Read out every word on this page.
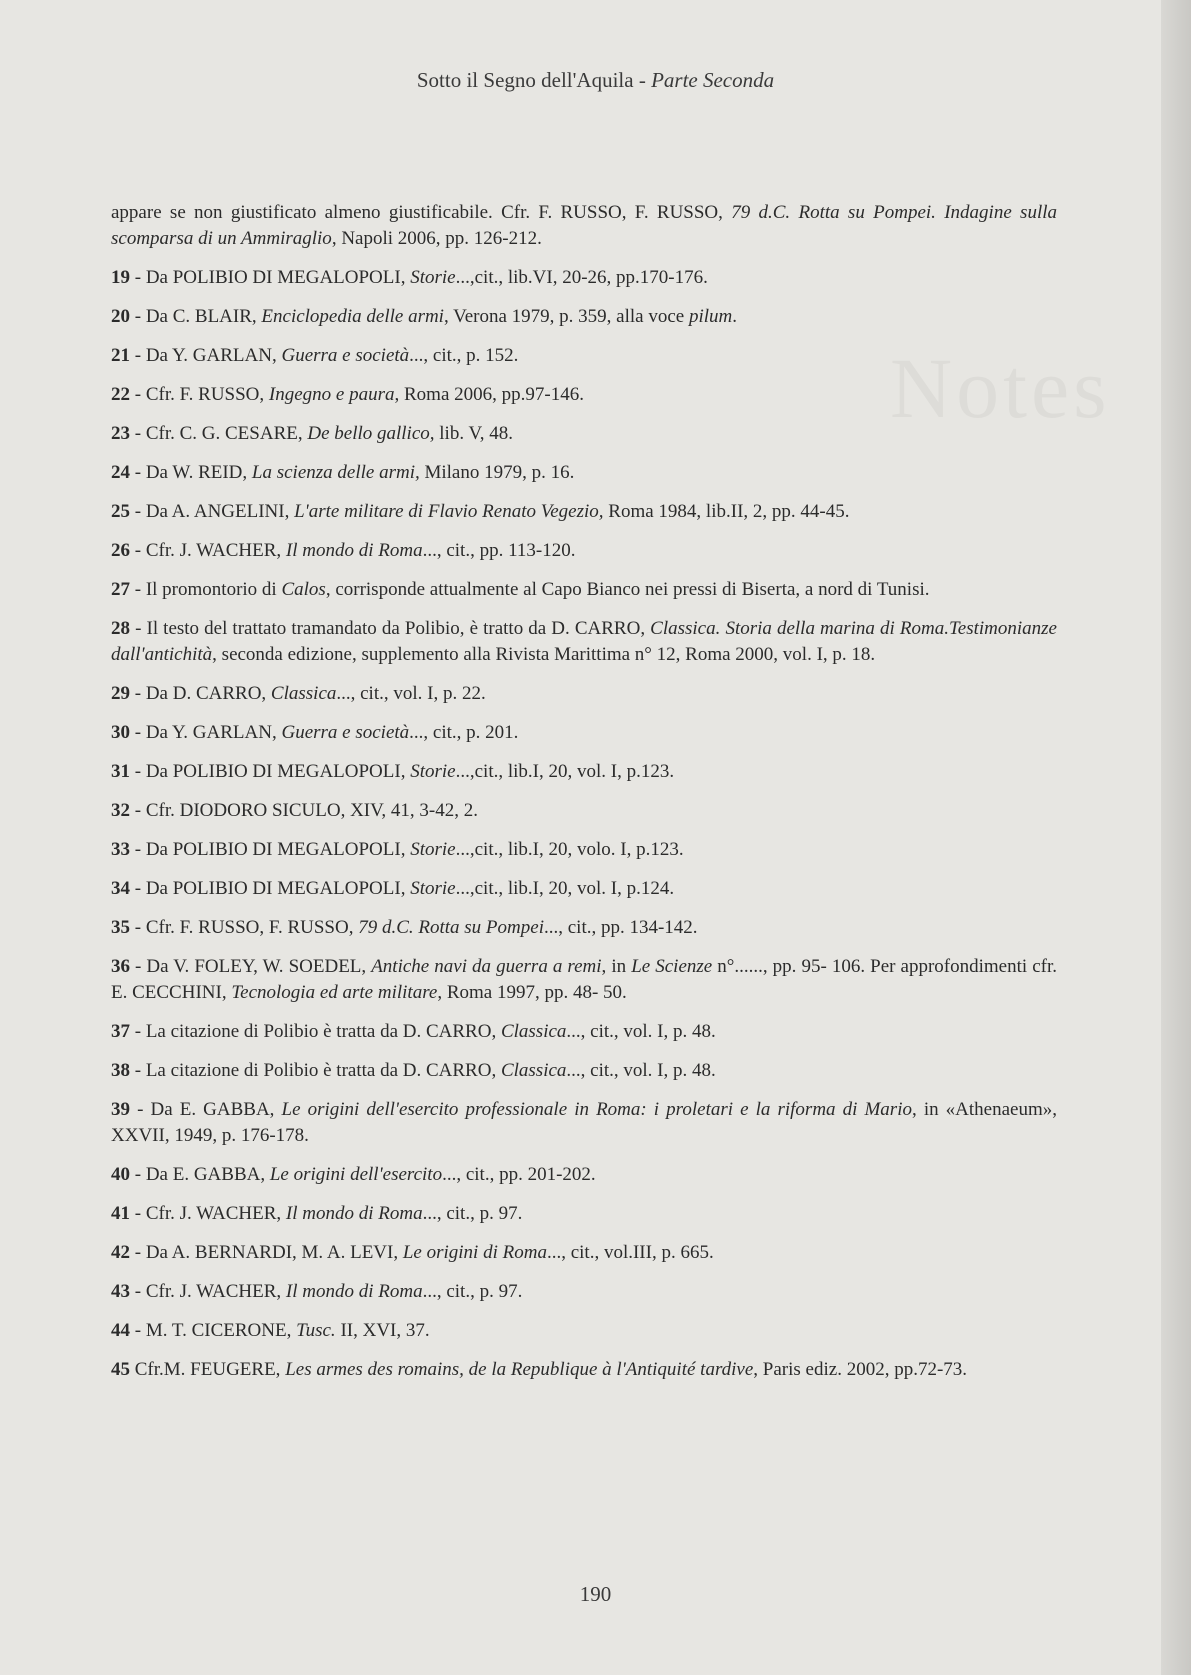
Notes
Sotto il Segno dell'Aquila - Parte Seconda

appare se non giustificato almeno giustificabile. Cfr. F. RUSSO, F. RUSSO, 79 d.C. Rotta su Pompei. Indagine sulla scomparsa di un Ammiraglio, Napoli 2006, pp. 126-212.

19 - Da POLIBIO DI MEGALOPOLI, Storie...,cit., lib.VI, 20-26, pp.170-176.

20 - Da C. BLAIR, Enciclopedia delle armi, Verona 1979, p. 359, alla voce pilum.

21 - Da Y. GARLAN, Guerra e società..., cit., p. 152.

22 - Cfr. F. RUSSO, Ingegno e paura, Roma 2006, pp.97-146.

23 - Cfr. C. G. CESARE, De bello gallico, lib. V, 48.

24 - Da W. REID, La scienza delle armi, Milano 1979, p. 16.

25 - Da A. ANGELINI, L'arte militare di Flavio Renato Vegezio, Roma 1984, lib.II, 2, pp. 44-45.

26 - Cfr. J. WACHER, Il mondo di Roma..., cit., pp. 113-120.

27 - Il promontorio di Calos, corrisponde attualmente al Capo Bianco nei pressi di Biserta, a nord di Tunisi.

28 - Il testo del trattato tramandato da Polibio, è tratto da D. CARRO, Classica. Storia della marina di Roma.Testimonianze dall'antichità, seconda edizione, supplemento alla Rivista Marittima n° 12, Roma 2000, vol. I, p. 18.

29 - Da D. CARRO, Classica..., cit., vol. I, p. 22.

30 - Da Y. GARLAN, Guerra e società..., cit., p. 201.

31 - Da POLIBIO DI MEGALOPOLI, Storie...,cit., lib.I, 20, vol. I, p.123.

32 - Cfr. DIODORO SICULO, XIV, 41, 3-42, 2.

33 - Da POLIBIO DI MEGALOPOLI, Storie...,cit., lib.I, 20, volo. I, p.123.

34 - Da POLIBIO DI MEGALOPOLI, Storie...,cit., lib.I, 20, vol. I, p.124.

35 - Cfr. F. RUSSO, F. RUSSO, 79 d.C. Rotta su Pompei..., cit., pp. 134-142.

36 - Da V. FOLEY, W. SOEDEL, Antiche navi da guerra a remi, in Le Scienze n°......, pp. 95- 106. Per approfondimenti cfr. E. CECCHINI, Tecnologia ed arte militare, Roma 1997, pp. 48- 50.

37 - La citazione di Polibio è tratta da D. CARRO, Classica..., cit., vol. I, p. 48.

38 - La citazione di Polibio è tratta da D. CARRO, Classica..., cit., vol. I, p. 48.

39 - Da E. GABBA, Le origini dell'esercito professionale in Roma: i proletari e la riforma di Mario, in «Athenaeum», XXVII, 1949, p. 176-178.

40 - Da E. GABBA, Le origini dell'esercito..., cit., pp. 201-202.

41 - Cfr. J. WACHER, Il mondo di Roma..., cit., p. 97.

42 - Da A. BERNARDI, M. A. LEVI, Le origini di Roma..., cit., vol.III, p. 665.

43 - Cfr. J. WACHER, Il mondo di Roma..., cit., p. 97.

44 - M. T. CICERONE, Tusc. II, XVI, 37.

45 Cfr.M. FEUGERE, Les armes des romains, de la Republique à l'Antiquité tardive, Paris ediz. 2002, pp.72-73.

190
